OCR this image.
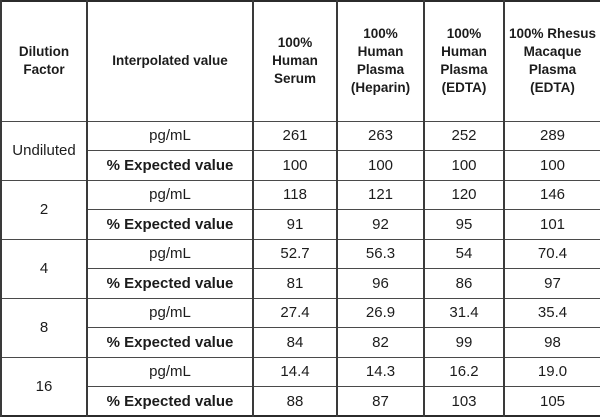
Dilution Factor	Interpolated value	100% Human Serum	100% Human Plasma (Heparin)	100% Human Plasma (EDTA)	100% Rhesus Macaque Plasma (EDTA)
Undiluted	pg/mL	261	263	252	289
	% Expected value	100	100	100	100
2	pg/mL	118	121	120	146
	% Expected value	91	92	95	101
4	pg/mL	52.7	56.3	54	70.4
	% Expected value	81	96	86	97
8	pg/mL	27.4	26.9	31.4	35.4
	% Expected value	84	82	99	98
16	pg/mL	14.4	14.3	16.2	19.0
	% Expected value	88	87	103	105
